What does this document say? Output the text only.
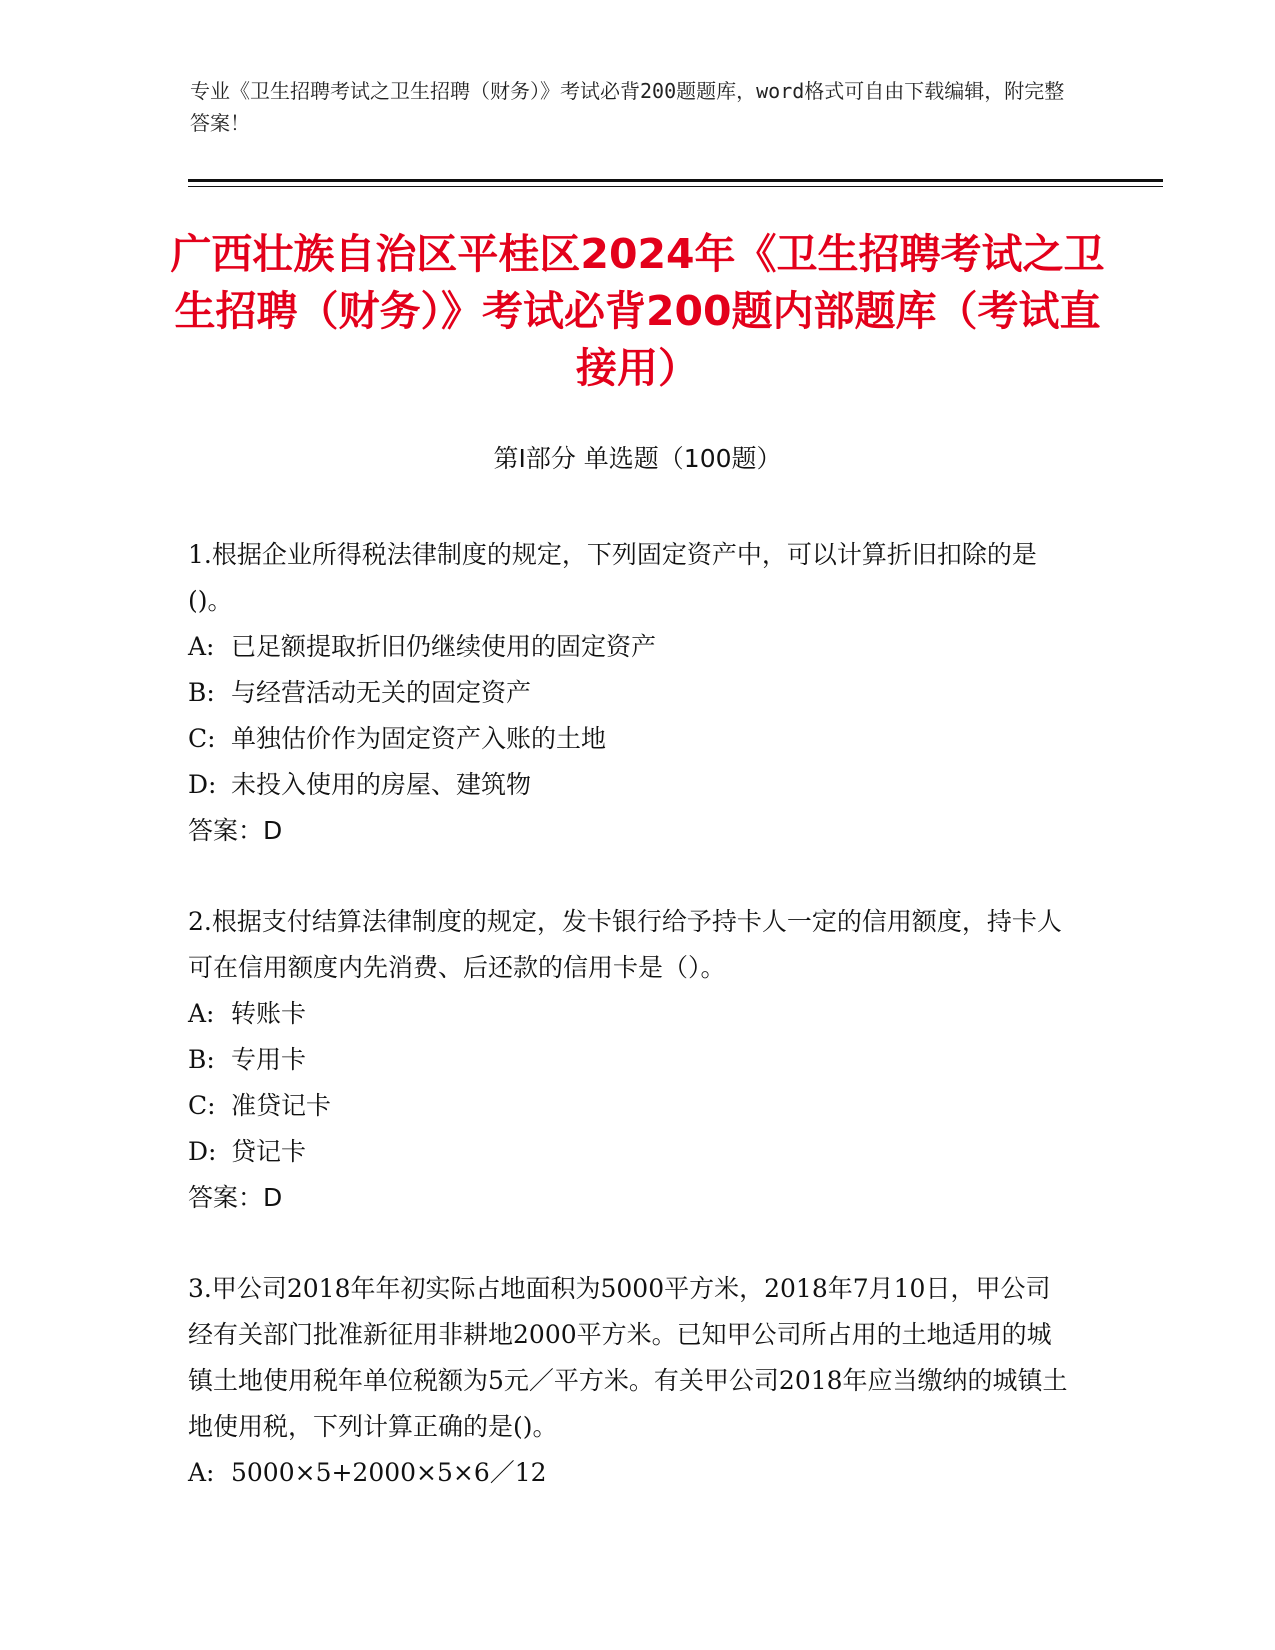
专业《卫生招聘考试之卫生招聘（财务）》考试必背200题题库，word格式可自由下载编辑，附完整答案！
广西壮族自治区平桂区2024年《卫生招聘考试之卫生招聘（财务）》考试必背200题内部题库（考试直接用）
第Ⅰ部分 单选题（100题）
1.根据企业所得税法律制度的规定，下列固定资产中，可以计算折旧扣除的是()。
A: 已足额提取折旧仍继续使用的固定资产
B: 与经营活动无关的固定资产
C: 单独估价作为固定资产入账的土地
D: 未投入使用的房屋、建筑物
答案：D
2.根据支付结算法律制度的规定，发卡银行给予持卡人一定的信用额度，持卡人可在信用额度内先消费、后还款的信用卡是（）。
A: 转账卡
B: 专用卡
C: 准贷记卡
D: 贷记卡
答案：D
3.甲公司2018年年初实际占地面积为5000平方米，2018年7月10日，甲公司经有关部门批准新征用非耕地2000平方米。已知甲公司所占用的土地适用的城镇土地使用税年单位税额为5元／平方米。有关甲公司2018年应当缴纳的城镇土地使用税，下列计算正确的是()。
A: 5000×5+2000×5×6／12
